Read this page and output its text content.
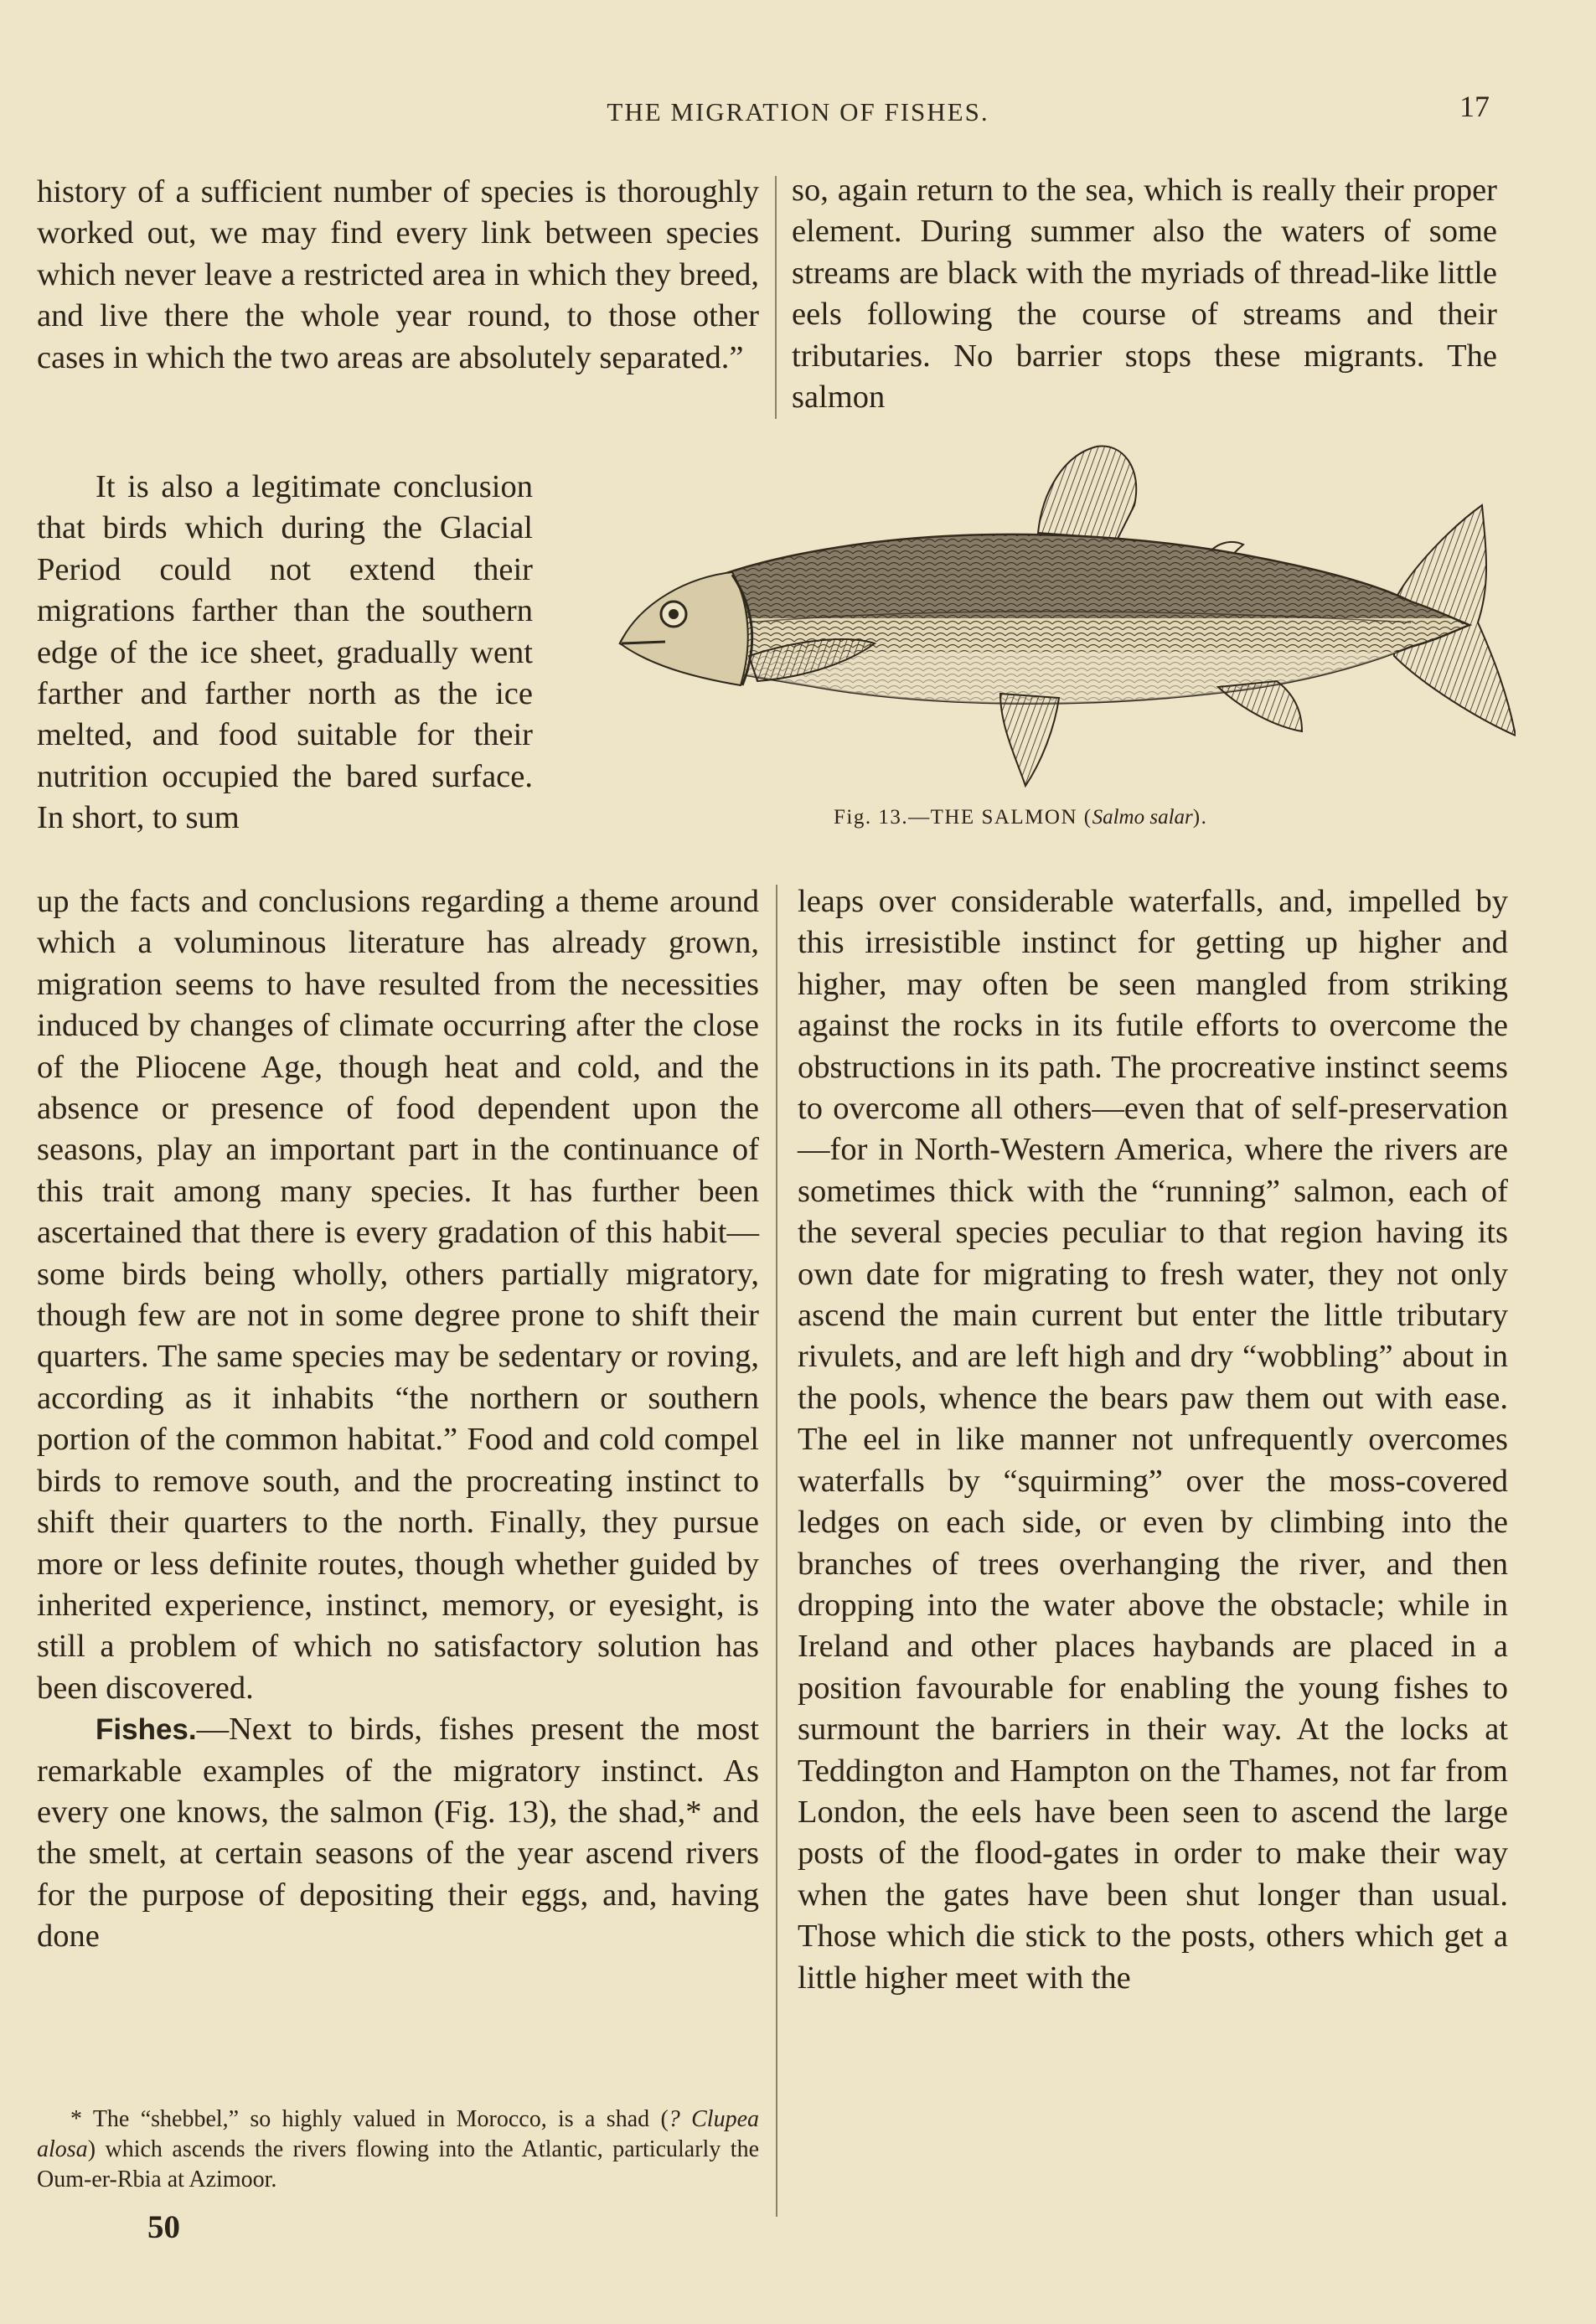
THE MIGRATION OF FISHES.	17

history of a sufficient number of species is thoroughly worked out, we may find every link between species which never leave a restricted area in which they breed, and live there the whole year round, to those other cases in which the two areas are absolutely separated.”

It is also a legitimate conclusion that birds which during the Glacial Period could not extend their migrations farther than the southern edge of the ice sheet, gradually went farther and farther north as the ice melted, and food suitable for their nutrition occupied the bared surface. In short, to sum

up the facts and conclusions regarding a theme around which a voluminous literature has already grown, migration seems to have resulted from the necessities induced by changes of climate occurring after the close of the Pliocene Age, though heat and cold, and the absence or presence of food dependent upon the seasons, play an important part in the continuance of this trait among many species. It has further been ascertained that there is every gradation of this habit—some birds being wholly, others partially migratory, though few are not in some degree prone to shift their quarters. The same species may be sedentary or roving, according as it inhabits “the northern or southern portion of the common habitat.” Food and cold compel birds to remove south, and the procreating instinct to shift their quarters to the north. Finally, they pursue more or less definite routes, though whether guided by inherited experience, instinct, memory, or eyesight, is still a problem of which no satisfactory solution has been discovered.

Fishes.—Next to birds, fishes present the most remarkable examples of the migratory instinct. As every one knows, the salmon (Fig. 13), the shad,* and the smelt, at certain seasons of the year ascend rivers for the purpose of depositing their eggs, and, having done

so, again return to the sea, which is really their proper element. During summer also the waters of some streams are black with the myriads of thread-like little eels following the course of streams and their tributaries. No barrier stops these migrants. The salmon

leaps over considerable waterfalls, and, impelled by this irresistible instinct for getting up higher and higher, may often be seen mangled from striking against the rocks in its futile efforts to overcome the obstructions in its path. The procreative instinct seems to overcome all others—even that of self-preservation—for in North-Western America, where the rivers are sometimes thick with the “running” salmon, each of the several species peculiar to that region having its own date for migrating to fresh water, they not only ascend the main current but enter the little tributary rivulets, and are left high and dry “wobbling” about in the pools, whence the bears paw them out with ease. The eel in like manner not unfrequently overcomes waterfalls by “squirming” over the moss-covered ledges on each side, or even by climbing into the branches of trees overhanging the river, and then dropping into the water above the obstacle; while in Ireland and other places haybands are placed in a position favourable for enabling the young fishes to surmount the barriers in their way. At the locks at Teddington and Hampton on the Thames, not far from London, the eels have been seen to ascend the large posts of the flood-gates in order to make their way when the gates have been shut longer than usual. Those which die stick to the posts, others which get a little higher meet with the

Fig. 13.—THE SALMON (Salmo salar).
* The “shebbel,” so highly valued in Morocco, is a shad (? Clupea alosa) which ascends the rivers flowing into the Atlantic, particularly the Oum-er-Rbia at Azimoor.
50
